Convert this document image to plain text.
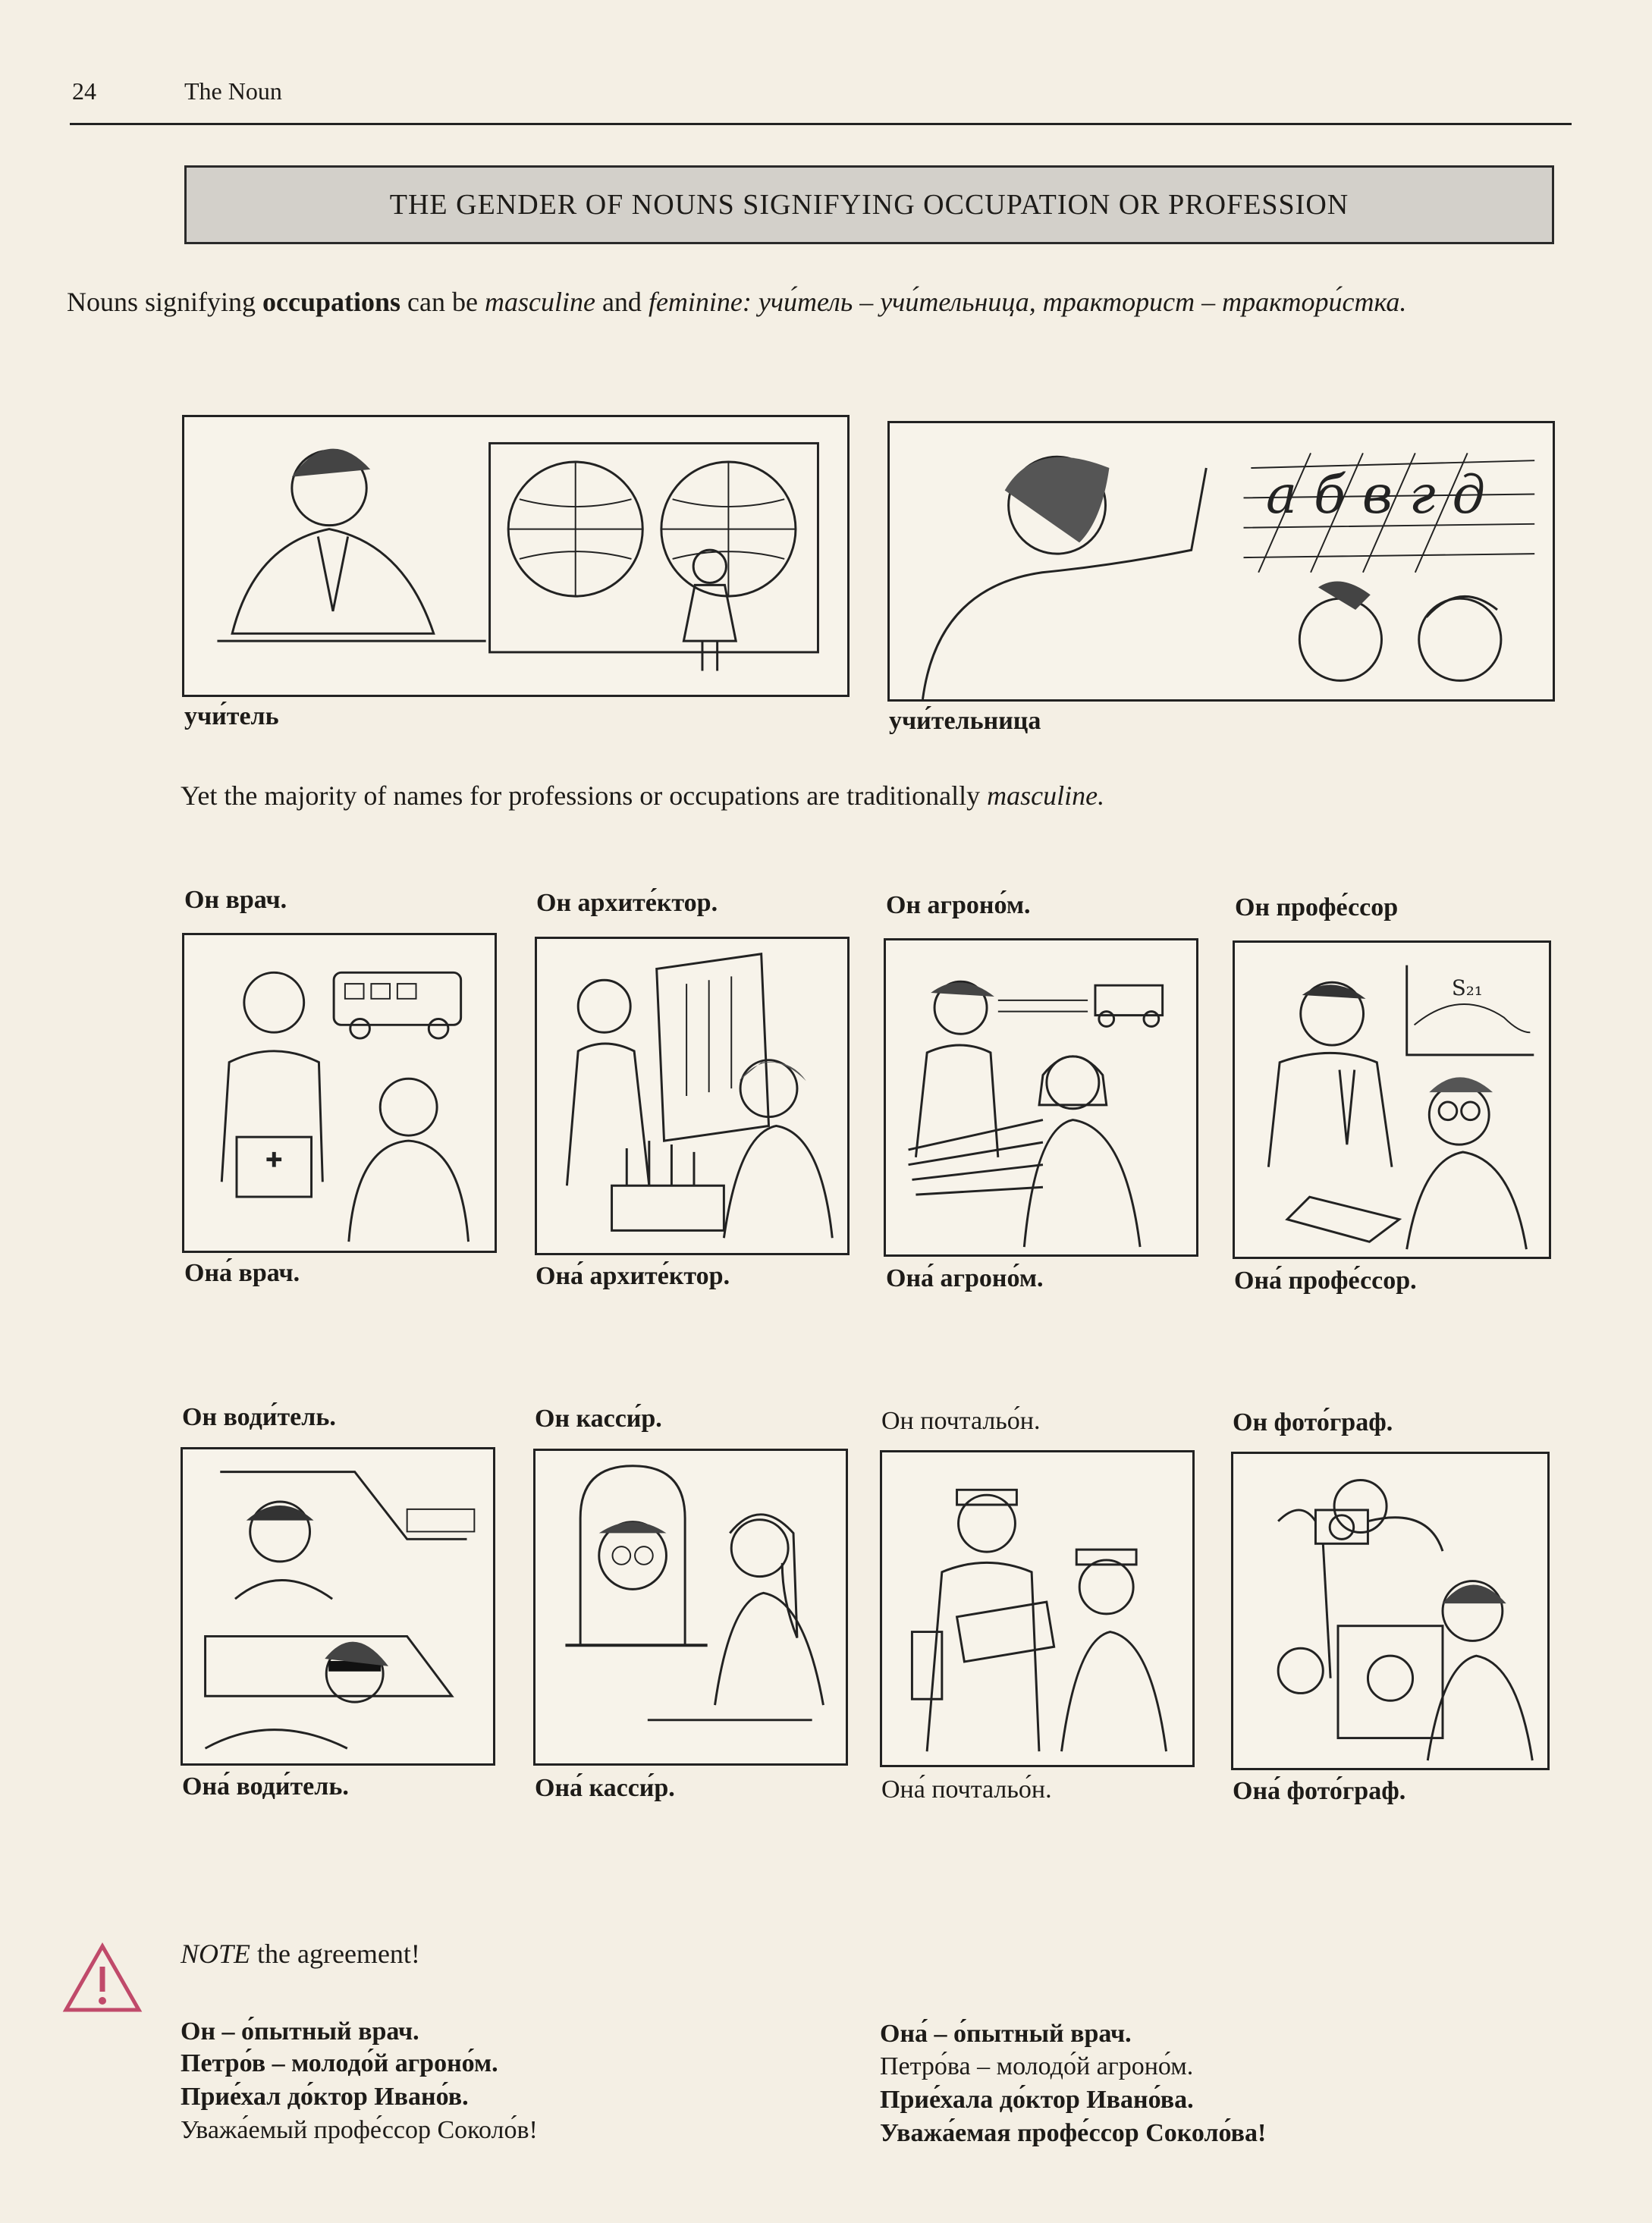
24	The Noun
THE GENDER OF NOUNS SIGNIFYING OCCUPATION OR PROFESSION
Nouns signifying occupations can be masculine and feminine: учи́тель – учи́тельница, тракторист – трактори́стка.
учи́тель
а б в г д
учи́тельница
Yet the majority of names for professions or occupations are traditionally masculine.
Он врач.
Она́ врач.
Он архите́ктор.
Она́ архите́ктор.
Он агроно́м.
Она́ агроно́м.
Он профе́ссор
S₂₁
Она́ профе́ссор.
Он води́тель.
Она́ води́тель.
Он касси́р.
Она́ касси́р.
Он почтальо́н.
Она́ почтальо́н.
Он фото́граф.
Она́ фото́граф.
NOTE the agreement!
Он – о́пытный врач.
Петро́в – молодо́й агроно́м.
Прие́хал до́ктор Ивано́в.
Уважа́емый профе́ссор Соколо́в!
Она́ – о́пытный врач.
Петро́ва – молодо́й агроно́м.
Прие́хала до́ктор Ивано́ва.
Уважа́емая профе́ссор Соколо́ва!
